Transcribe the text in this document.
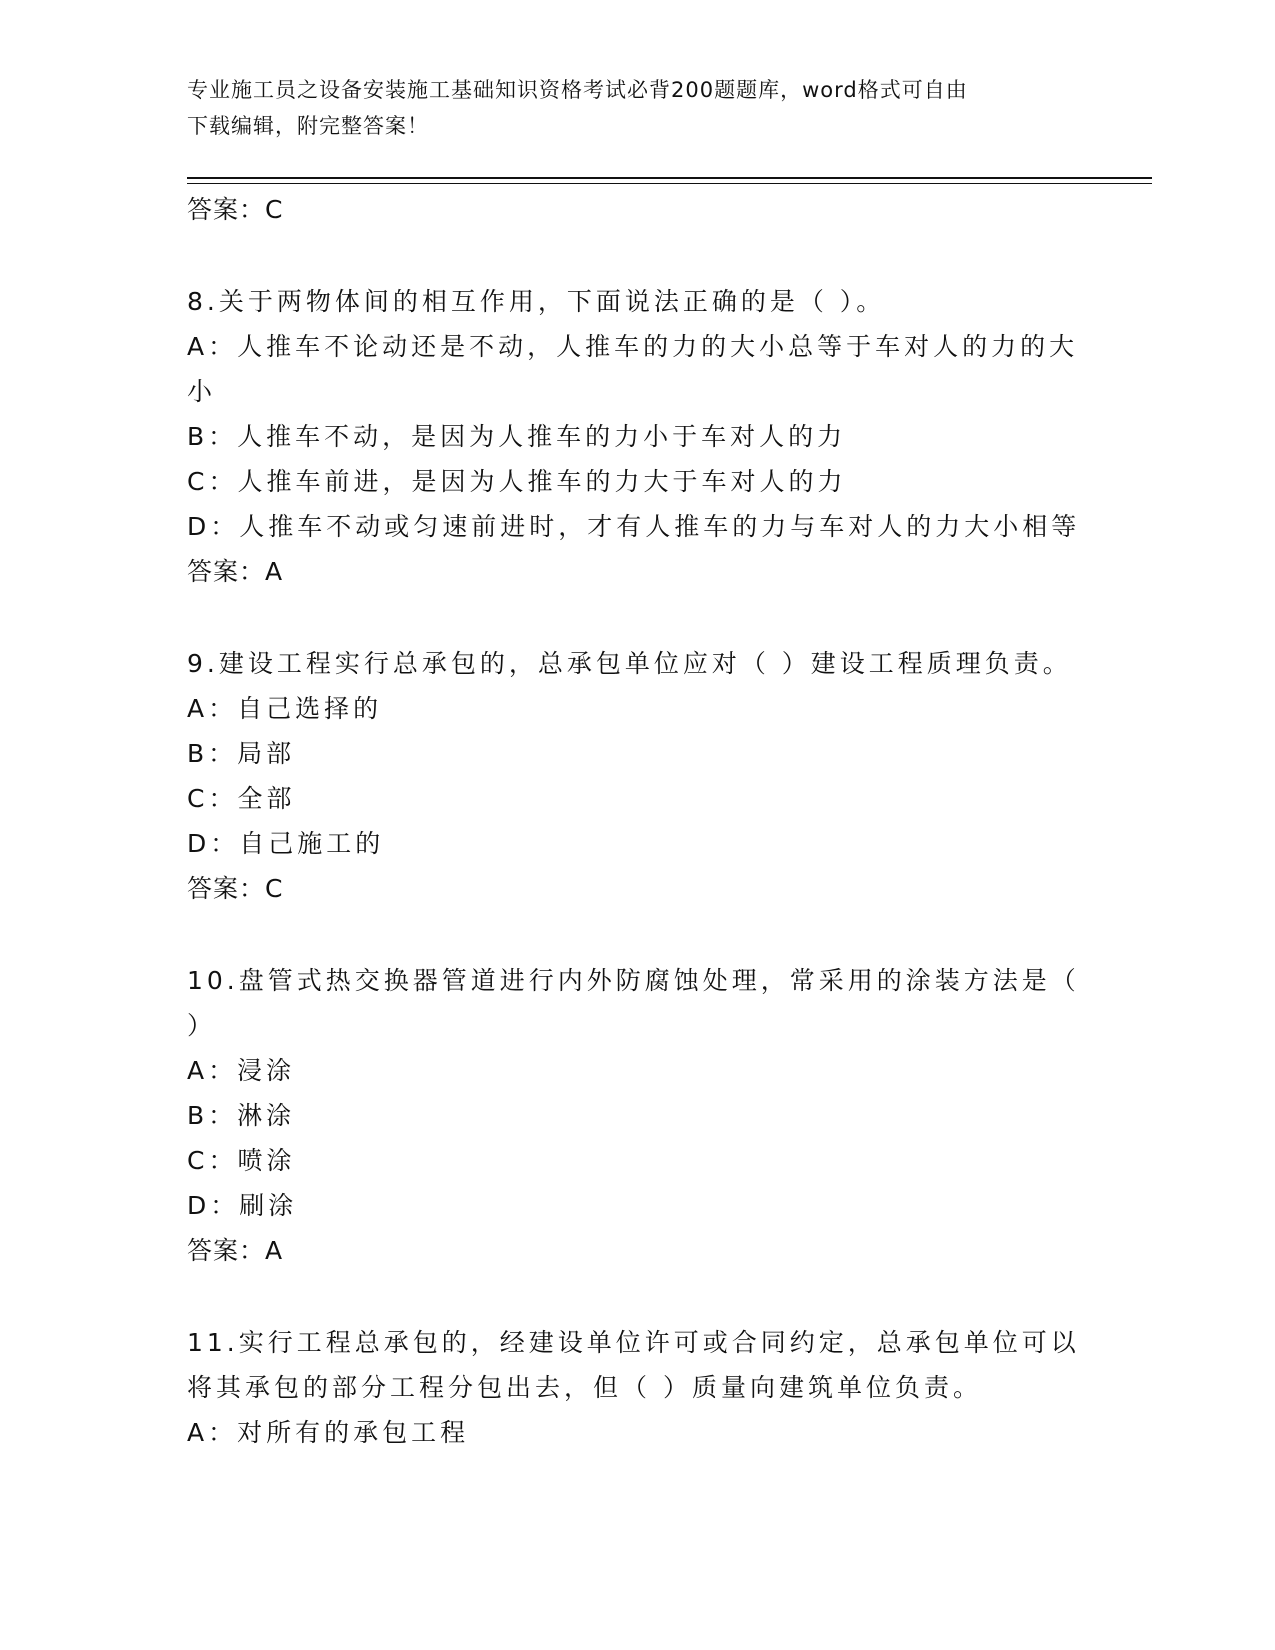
专业施工员之设备安装施工基础知识资格考试必背200题题库，word格式可自由
下载编辑，附完整答案！
答案：C
8.关于两物体间的相互作用，下面说法正确的是（ ）。
A：人推车不论动还是不动，人推车的力的大小总等于车对人的力的大
小
B：人推车不动，是因为人推车的力小于车对人的力
C：人推车前进，是因为人推车的力大于车对人的力
D：人推车不动或匀速前进时，才有人推车的力与车对人的力大小相等
答案：A
9.建设工程实行总承包的，总承包单位应对（ ）建设工程质理负责。
A：自己选择的
B：局部
C：全部
D：自己施工的
答案：C
10.盘管式热交换器管道进行内外防腐蚀处理，常采用的涂装方法是（
）
A：浸涂
B：淋涂
C：喷涂
D：刷涂
答案：A
11.实行工程总承包的，经建设单位许可或合同约定，总承包单位可以
将其承包的部分工程分包出去，但（ ）质量向建筑单位负责。
A：对所有的承包工程
